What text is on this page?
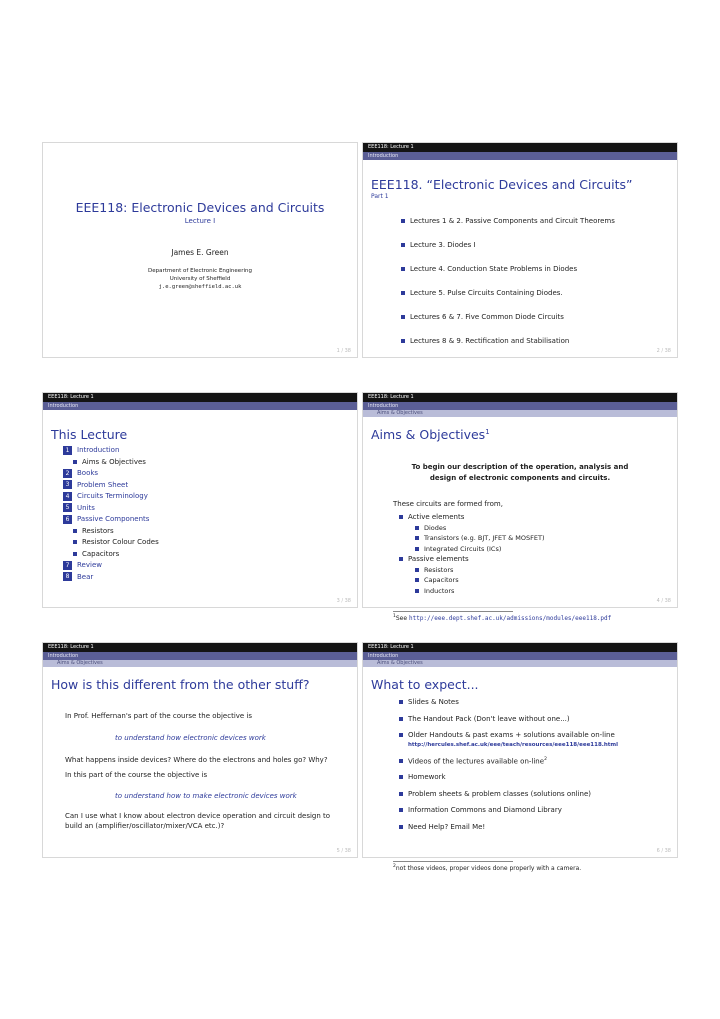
EEE118: Electronic Devices and Circuits
Lecture I
James E. Green
Department of Electronic Engineering
University of Sheffield
j.e.green@sheffield.ac.uk
1 / 38
EEE118: Lecture 1
Introduction
EEE118. “Electronic Devices and Circuits”
Part 1
Lectures 1 & 2. Passive Components and Circuit Theorems
Lecture 3. Diodes I
Lecture 4. Conduction State Problems in Diodes
Lecture 5. Pulse Circuits Containing Diodes.
Lectures 6 & 7. Five Common Diode Circuits
Lectures 8 & 9. Rectification and Stabilisation
2 / 38
EEE118: Lecture 1
Introduction
This Lecture
1 Introduction
Aims & Objectives
2 Books
3 Problem Sheet
4 Circuits Terminology
5 Units
6 Passive Components
Resistors
Resistor Colour Codes
Capacitors
7 Review
8 Bear
3 / 38
EEE118: Lecture 1
Introduction
Aims & Objectives
Aims & Objectives$^1$
To begin our description of the operation, analysis and
design of electronic components and circuits.
These circuits are formed from,
Active elements
Diodes
Transistors (e.g. BJT, JFET & MOSFET)
Integrated Circuits (ICs)
Passive elements
Resistors
Capacitors
Inductors
$^1$See http://eee.dept.shef.ac.uk/admissions/modules/eee118.pdf
4 / 38
EEE118: Lecture 1
Introduction
Aims & Objectives
How is this different from the other stuff?
In Prof. Heffernan's part of the course the objective is
to understand how electronic devices work
What happens inside devices? Where do the electrons and holes go? Why?
In this part of the course the objective is
to understand how to make electronic devices work
Can I use what I know about electron device operation and circuit design to build an (amplifier/oscillator/mixer/VCA etc.)?
5 / 38
EEE118: Lecture 1
Introduction
Aims & Objectives
What to expect...
Slides & Notes
The Handout Pack (Don't leave without one...)
Older Handouts & past exams + solutions available on-line
http://hercules.shef.ac.uk/eee/teach/resources/eee118/eee118.html
Videos of the lectures available on-line$^2$
Homework
Problem sheets & problem classes (solutions online)
Information Commons and Diamond Library
Need Help? Email Me!
$^2$not those videos, proper videos done properly with a camera.
6 / 38
